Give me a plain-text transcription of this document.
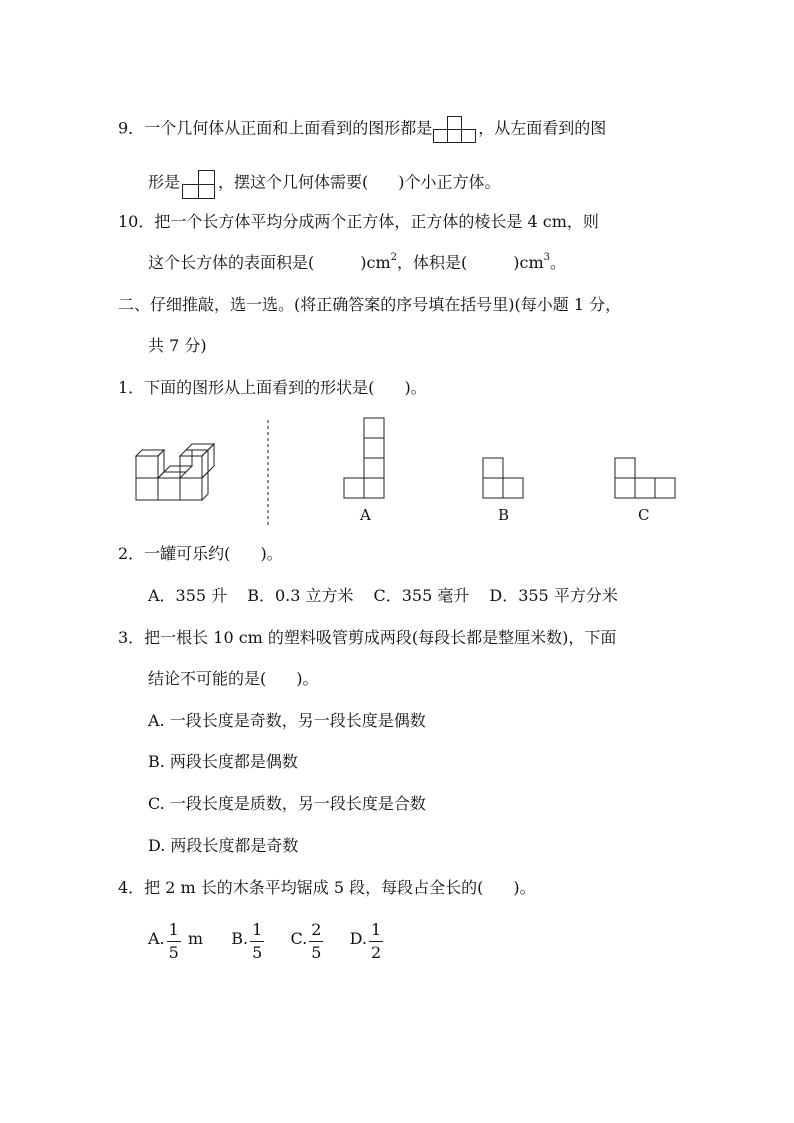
9．一个几何体从正面和上面看到的图形都是	，从左面看到的图
形是 ，摆这个几何体需要( )个小正方体。
10．把一个长方体平均分成两个正方体，正方体的棱长是 4 cm，则
这个长方体的表面积是(	)$cm^2$，体积是(	)$cm^3$。
二、仔细推敲，选一选。(将正确答案的序号填在括号里)(每小题 1 分，
共 7 分)
1．下面的图形从上面看到的形状是( )。
A	B	C
2．一罐可乐约( )。
A．355 升 B．0.3 立方米 C．355 毫升 D．355 平方分米
3．把一根长 10 cm 的塑料吸管剪成两段(每段长都是整厘米数)，下面
结论不可能的是( )。
A. 一段长度是奇数，另一段长度是偶数
B. 两段长度都是偶数
C. 一段长度是质数，另一段长度是合数
D. 两段长度都是奇数
4．把 2 m 长的木条平均锯成 5 段，每段占全长的( )。
A. $\frac{1}{5}$ m B. $\frac{1}{5} C$. $\frac{2}{5} D$. $\frac{1}{2}$
